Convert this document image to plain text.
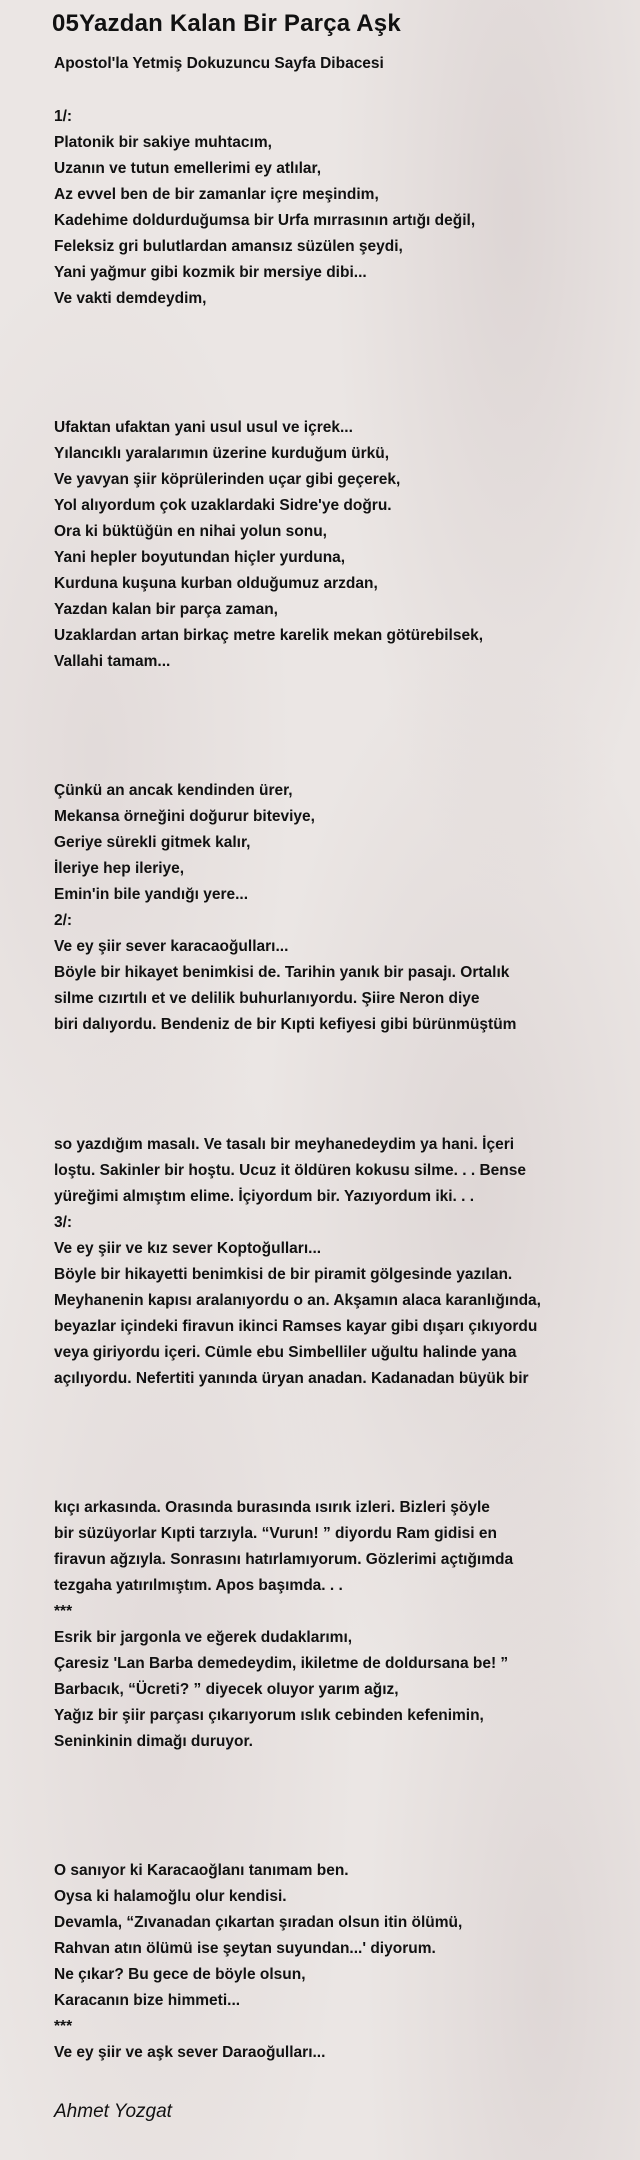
05Yazdan Kalan Bir Parça Aşk
Apostol'la Yetmiş Dokuzuncu Sayfa Dibacesi
1/:
Platonik bir sakiye muhtacım,
Uzanın ve tutun emellerimi ey atlılar,
Az evvel ben de bir zamanlar içre meşindim,
Kadehime doldurduğumsa bir Urfa mırrasının artığı değil,
Feleksiz gri bulutlardan amansız süzülen şeydi,
Yani yağmur gibi kozmik bir mersiye dibi...
Ve vakti demdeydim,
Ufaktan ufaktan yani usul usul ve içrek...
Yılancıklı yaralarımın üzerine kurduğum ürkü,
Ve yavyan şiir köprülerinden uçar gibi geçerek,
Yol alıyordum çok uzaklardaki Sidre'ye doğru.
Ora ki büktüğün en nihai yolun sonu,
Yani hepler boyutundan hiçler yurduna,
Kurduna kuşuna kurban olduğumuz arzdan,
Yazdan kalan bir parça zaman,
Uzaklardan artan birkaç metre karelik mekan götürebilsek,
Vallahi tamam...
Çünkü an ancak kendinden ürer,
Mekansa örneğini doğurur biteviye,
Geriye sürekli gitmek kalır,
İleriye hep ileriye,
Emin'in bile yandığı yere...
2/:
Ve ey şiir sever karacaoğulları...
Böyle bir hikayet benimkisi de. Tarihin yanık bir pasajı. Ortalık
silme cızırtılı et ve delilik buhurlanıyordu. Şiire Neron diye
biri dalıyordu. Bendeniz de bir Kıpti kefiyesi gibi bürünmüştüm
so yazdığım masalı. Ve tasalı bir meyhanedeydim ya hani. İçeri
loştu. Sakinler bir hoştu. Ucuz it öldüren kokusu silme. . . Bense
yüreğimi almıştım elime. İçiyordum bir. Yazıyordum iki. . .
3/:
Ve ey şiir ve kız sever Koptoğulları...
Böyle bir hikayetti benimkisi de bir piramit gölgesinde yazılan.
Meyhanenin kapısı aralanıyordu o an. Akşamın alaca karanlığında,
beyazlar içindeki firavun ikinci Ramses kayar gibi dışarı çıkıyordu
veya giriyordu içeri. Cümle ebu Simbelliler uğultu halinde yana
açılıyordu. Nefertiti yanında üryan anadan. Kadanadan büyük bir
kıçı arkasında. Orasında burasında ısırık izleri. Bizleri şöyle
bir süzüyorlar Kıpti tarzıyla. “Vurun! ” diyordu Ram gidisi en
firavun ağzıyla. Sonrasını hatırlamıyorum. Gözlerimi açtığımda
tezgaha yatırılmıştım. Apos başımda. . .
***
Esrik bir jargonla ve eğerek dudaklarımı,
Çaresiz 'Lan Barba demedeydim, ikiletme de doldursana be! ”
Barbacık, “Ücreti? ” diyecek oluyor yarım ağız,
Yağız bir şiir parçası çıkarıyorum ıslık cebinden kefenimin,
Seninkinin dimağı duruyor.
O sanıyor ki Karacaoğlanı tanımam ben.
Oysa ki halamoğlu olur kendisi.
Devamla, “Zıvanadan çıkartan şıradan olsun itin ölümü,
Rahvan atın ölümü ise şeytan suyundan...' diyorum.
Ne çıkar? Bu gece de böyle olsun,
Karacanın bize himmeti...
***
Ve ey şiir ve aşk sever Daraoğulları...
Ahmet Yozgat
